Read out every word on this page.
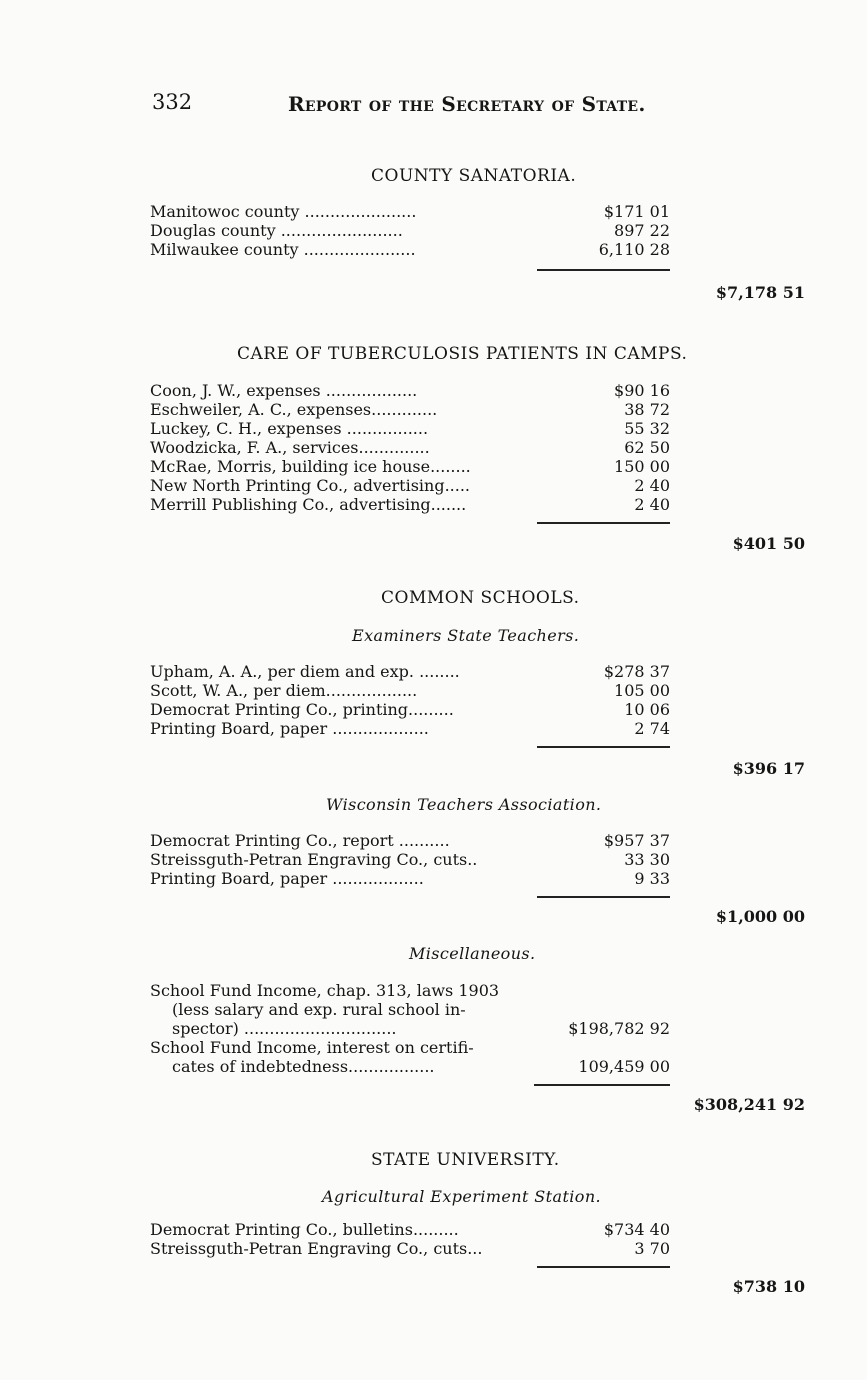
332	Report of the Secretary of State.
COUNTY SANATORIA.
Manitowoc county ......................	$171 01
Douglas county ........................	897 22
Milwaukee county ......................	6,110 28
$7,178 51
CARE OF TUBERCULOSIS PATIENTS IN CAMPS.
Coon, J. W., expenses ..................	$90 16
Eschweiler, A. C., expenses.............	38 72
Luckey, C. H., expenses ................	55 32
Woodzicka, F. A., services..............	62 50
McRae, Morris, building ice house........	150 00
New North Printing Co., advertising.....	2 40
Merrill Publishing Co., advertising.......	2 40
$401 50
COMMON SCHOOLS.
Examiners State Teachers.
Upham, A. A., per diem and exp. ........	$278 37
Scott, W. A., per diem..................	105 00
Democrat Printing Co., printing.........	10 06
Printing Board, paper ...................	2 74
$396 17
Wisconsin Teachers Association.
Democrat Printing Co., report ..........	$957 37
Streissguth-Petran Engraving Co., cuts..	33 30
Printing Board, paper ..................	9 33
$1,000 00
Miscellaneous.
School Fund Income, chap. 313, laws 1903
(less salary and exp. rural school in-
spector) ..............................	$198,782 92
School Fund Income, interest on certifi-
cates of indebtedness.................	109,459 00
$308,241 92
STATE UNIVERSITY.
Agricultural Experiment Station.
Democrat Printing Co., bulletins.........	$734 40
Streissguth-Petran Engraving Co., cuts...	3 70
$738 10
